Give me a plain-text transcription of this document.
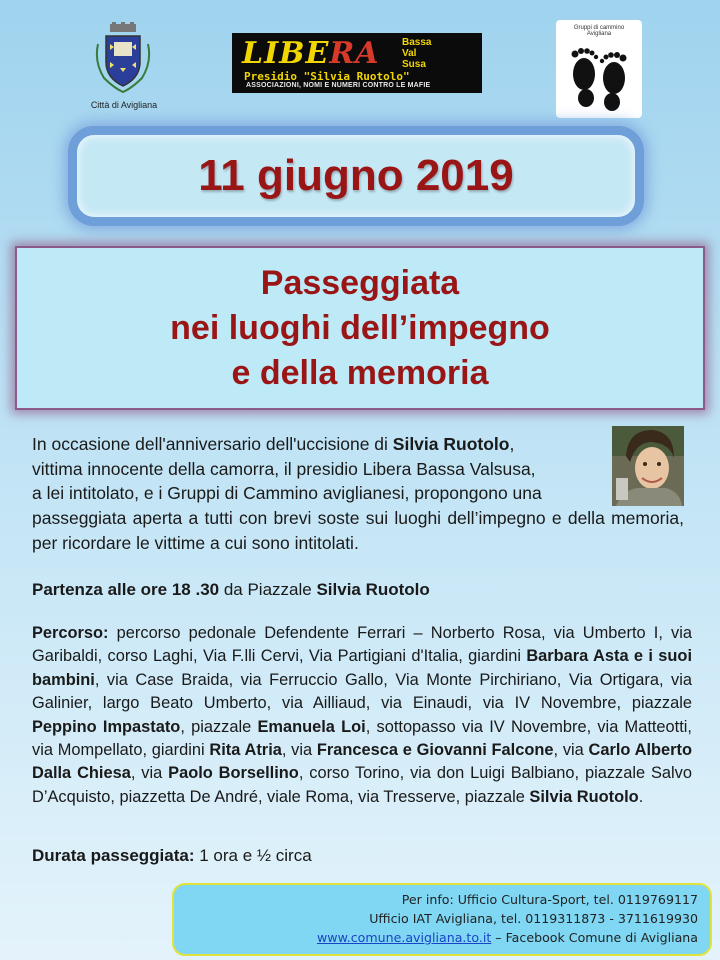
Città di Avigliana
LIBERA Bassa
Val
Susa
Presidio "Silvia Ruotolo"
ASSOCIAZIONI, NOMI E NUMERI CONTRO LE MAFIE
Gruppi di cammino Avigliana
11 giugno 2019
Passeggiata
nei luoghi dell’impegno
e della memoria
In occasione dell'anniversario dell'uccisione di Silvia Ruotolo,
vittima innocente della camorra, il presidio Libera Bassa Valsusa,
a lei intitolato, e i Gruppi di Cammino aviglianesi, propongono una
passeggiata aperta a tutti con brevi soste sui luoghi dell’impegno e della memoria, per ricordare le vittime a cui sono intitolati.
Partenza alle ore 18 .30 da Piazzale Silvia Ruotolo
Percorso: percorso pedonale Defendente Ferrari – Norberto Rosa, via Umberto I, via Garibaldi, corso Laghi, Via F.lli Cervi, Via Partigiani d'Italia, giardini Barbara Asta e i suoi bambini, via Case Braida, via Ferruccio Gallo, Via Monte Pirchiriano, Via Ortigara, via Galinier, largo Beato Umberto, via Ailliaud, via Einaudi, via IV Novembre, piazzale Peppino Impastato, piazzale Emanuela Loi, sottopasso via IV Novembre, via Matteotti, via Mompellato, giardini Rita Atria, via Francesca e Giovanni Falcone, via Carlo Alberto Dalla Chiesa, via Paolo Borsellino, corso Torino, via don Luigi Balbiano, piazzale Salvo D’Acquisto, piazzetta De André, viale Roma, via Tresserve, piazzale Silvia Ruotolo.
Durata passeggiata: 1 ora e ½ circa
Per info: Ufficio Cultura-Sport, tel. 0119769117
Ufficio IAT Avigliana, tel. 0119311873 - 3711619930
www.comune.avigliana.to.it – Facebook Comune di Avigliana
